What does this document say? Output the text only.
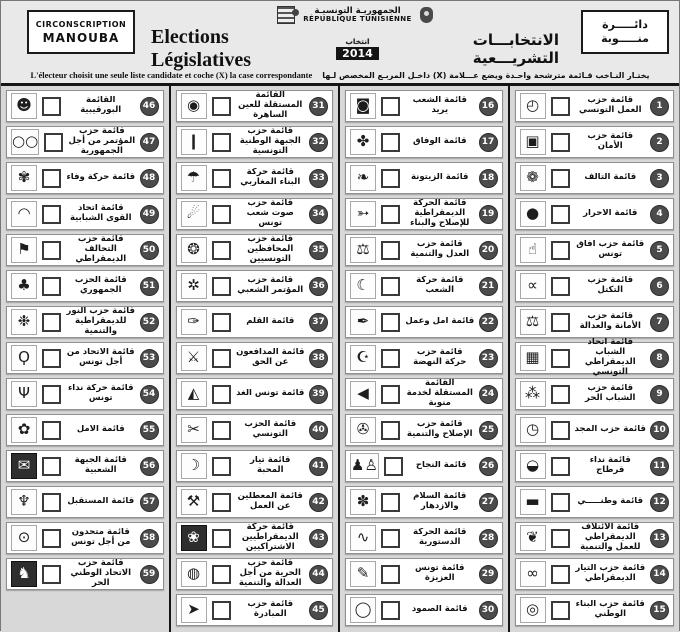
CIRCONSCRIPTION
MANOUBA
الجمهوريـة التونسيـة
RÉPUBLIQUE TUNISIENNE
Elections Législatives
انتخاب
2014
الانتخابـــات التشريـــعية
دائـــــرة
منـــــوبة
L'électeur choisit une seule liste candidate et coche (X) la case correspondante يختـار النـاخب قـائمة مترشحة واحـدة ويضع عـــلامة (X) داخـل المربـع المخصص لـها
46
القائمة البورقيبية
☻
47
قائمة حزب المؤتمر من أجل الجمهورية
○○
48
قائمة حركة وفاء
✾
49
قائمة اتحاد القوى الشبابية
◠
50
قائمة حزب التحالف الديمقراطي
⚑
51
قائمة الحزب الجمهوري
♣
52
قائمة حزب النور للديمقراطية والتنمية
❉
53
قائمة الاتحاد من أجل تونس
Ϙ
54
قائمة حركة نداء تونس
Ψ
55
قائمة الأمل
✿
56
قائمة الجبهة الشعبية
✉
57
قائمة المستقبل
♆
58
قائمة متحدون من أجل تونس
⊙
59
قائمة حزب الاتحاد الوطني الحر
♞
31
القائمة المستقلة للعين الساهرة
◉
32
قائمة حزب الجبهة الوطنية التونسية
❙
33
قائمة حركة البناء المغاربي
☂
34
قائمة حزب صوت شعب تونس
☄
35
قائمة حزب المحافظين التونسيين
❂
36
قائمة حزب المؤتمر الشعبي
✲
37
قائمة القلم
✑
38
قائمة المدافعون عن الحق
⚔
39
قائمة تونس الغد
◭
40
قائمة الحزب التونسي
✂
41
قائمة تيار المحبة
☽
42
قائمة المعطلين عن العمل
⚒
43
قائمة حركة الديمقراطيين الاشتراكيين
❀
44
قائمة حزب الحرية من أجل العدالة والتنمية
◍
45
قائمة حزب المبادرة
➤
16
قائمة الشعب يريد
◙
17
قائمة الوفاق
✤
18
قائمة الزيتونة
❧
19
قائمة الحركة الديمقراطية للإصلاح والبناء
➳
20
قائمة حزب العدل والتنمية
⚖
21
قائمة حركة الشعب
☾
22
قائمة أمل وعمل
✒
23
قائمة حزب حركة النهضة
☪
24
القائمة المستقلة لخدمة منوبة
◀
25
قائمة حزب الإصلاح والتنمية
✇
26
قائمة النجاح
♙♟
27
قائمة السلام والازدهار
✽
28
قائمة الحركة الدستورية
∿
29
قائمة تونس العزيزة
✎
30
قائمة الصمود
◯
1
قائمة حزب العمل التونسي
◴
2
قائمة حزب الأمان
▣
3
قائمة التآلف
❁
4
قائمة الأحرار
●
5
قائمة حزب آفاق تونس
☝
6
قائمة حزب التكتل
∝
7
قائمة حزب الأمانة والعدالة
⚖
8
قائمة اتحاد الشباب الديمقراطي التونسي
▦
9
قائمة حزب الشباب الحر
⁂
10
قائمة حزب المجد
◷
11
قائمة نداء قرطاج
◒
12
قائمة وطنـــــي
▬
13
قائمة الائتلاف الديمقراطي للعمل والتنمية
❦
14
قائمة حزب التيار الديمقراطي
∞
15
قائمة حزب البناء الوطني
◎
